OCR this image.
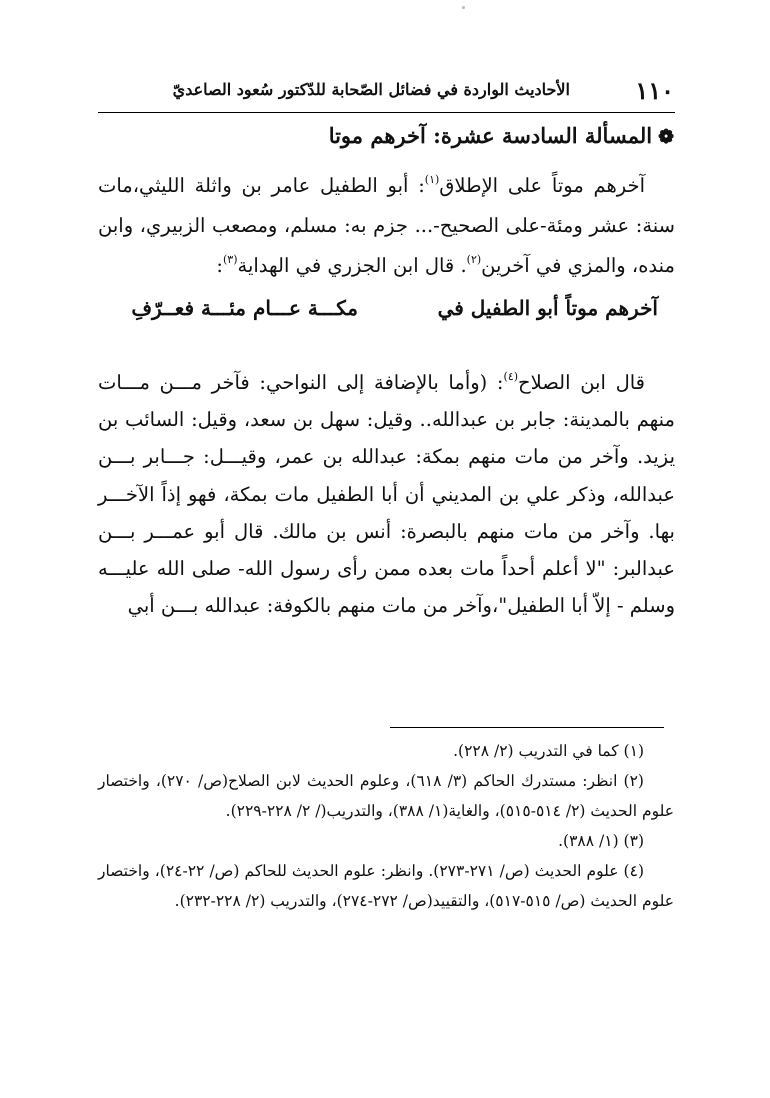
١١٠
الأحاديث الواردة في فضائل الصّحابة للدّكتور سُعود الصاعديّ
❁المسألة السادسة عشرة: آخرهم موتا
آخرهم موتاً على الإطلاق$^{(١)}$: أبو الطفيل عامر بن واثلة الليثي،مات سنة: عشر ومئة-على الصحيح-... جزم به: مسلم، ومصعب الزبيري، وابن منده، والمزي في آخرين$^{(٢)}$. قال ابن الجزري في الهداية$^{(٣)}$:
آخرهم موتاً أبو الطفيل في
مكـــة عـــام مئـــة فعــرّفِ
قال ابن الصلاح$^{(٤)}$: (وأما بالإضافة إلى النواحي: فآخر مـــن مـــات منهم بالمدينة: جابر بن عبدالله.. وقيل: سهل بن سعد، وقيل: السائب بن يزيد. وآخر من مات منهم بمكة: عبدالله بن عمر، وقيـــل: جـــابر بـــن عبدالله، وذكر علي بن المديني أن أبا الطفيل مات بمكة، فهو إذاً الآخـــر بها. وآخر من مات منهم بالبصرة: أنس بن مالك. قال أبو عمـــر بـــن عبدالبر: "لا أعلم أحداً مات بعده ممن رأى رسول الله- صلى الله عليـــه وسلم - إلاّ أبا الطفيل"،وآخر من مات منهم بالكوفة: عبدالله بـــن أبي

(١) كما في التدريب (٢/ ٢٢٨).

(٢) انظر: مستدرك الحاكم (٣/ ٦١٨)، وعلوم الحديث لابن الصلاح(ص/ ٢٧٠)، واختصار علوم الحديث (٢/ ٥١٤-٥١٥)، والغاية(١/ ٣٨٨)، والتدريب(/ ٢/ ٢٢٨-٢٢٩).

(٣) (١/ ٣٨٨).

(٤) علوم الحديث (ص/ ٢٧١-٢٧٣). وانظر: علوم الحديث للحاكم (ص/ ٢٢-٢٤)، واختصار علوم الحديث (ص/ ٥١٥-٥١٧)، والتقييد(ص/ ٢٧٢-٢٧٤)، والتدريب (٢/ ٢٢٨-٢٣٢).
